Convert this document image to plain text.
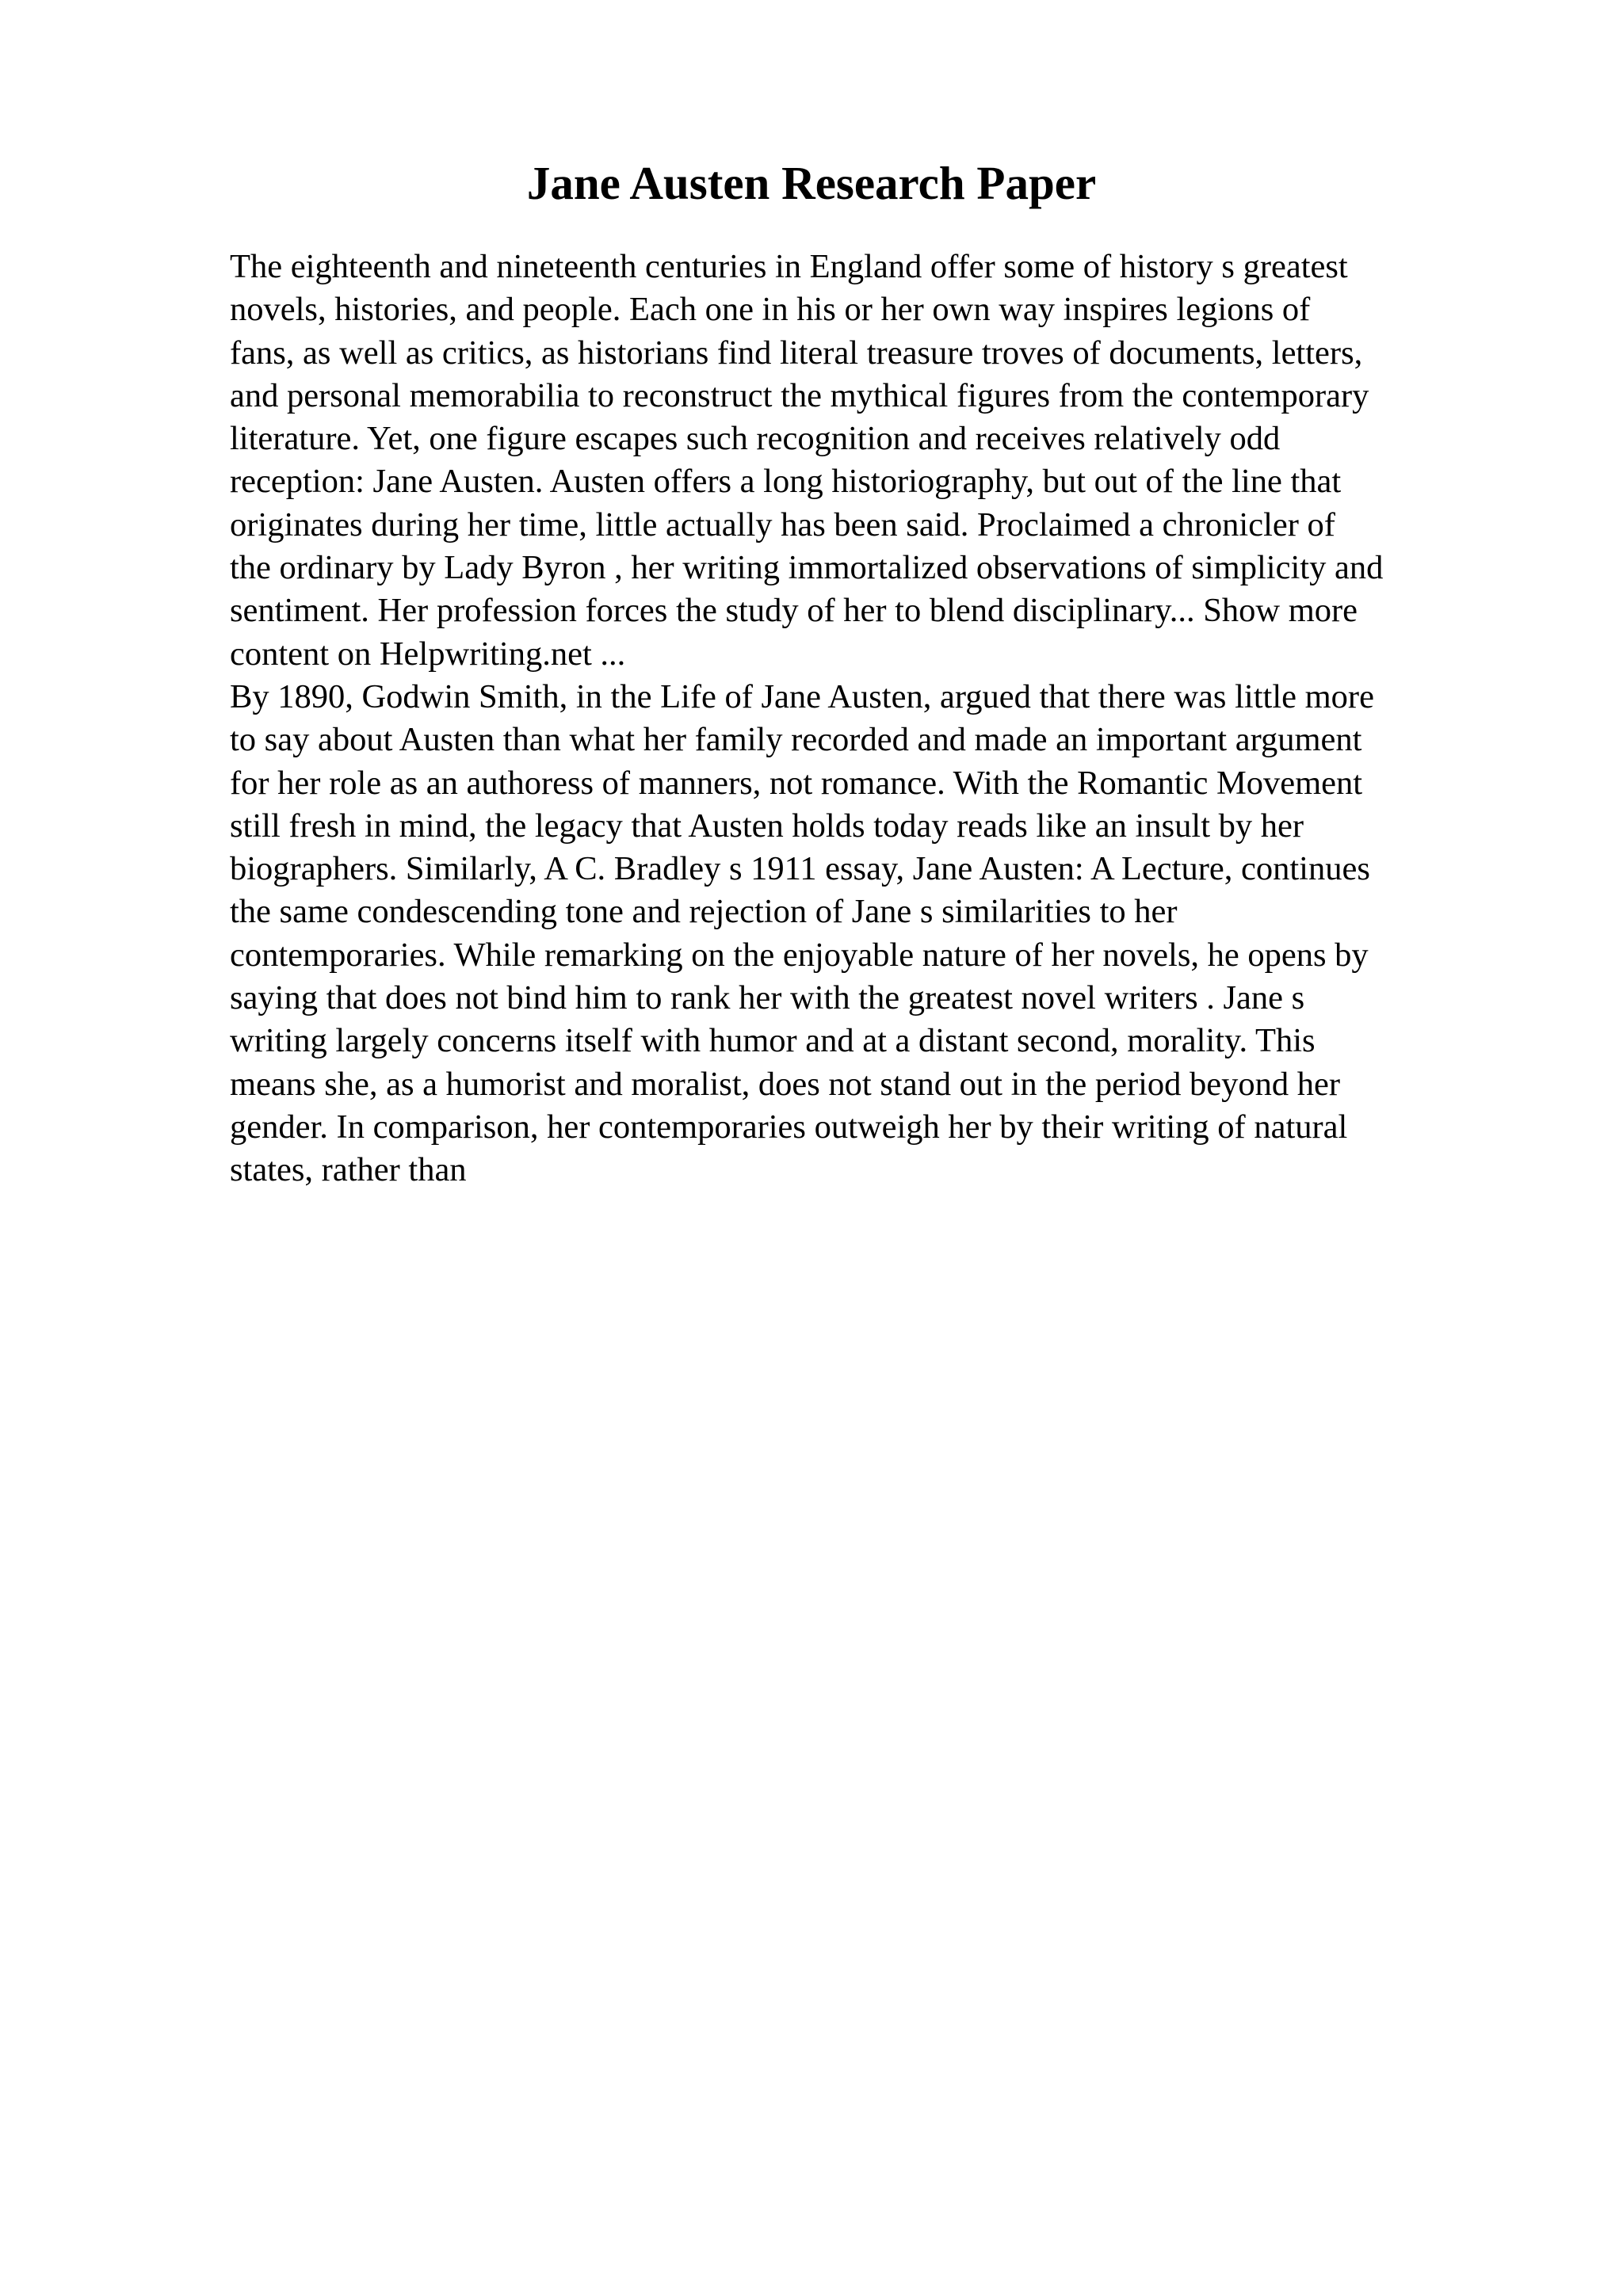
Jane Austen Research Paper
The eighteenth and nineteenth centuries in England offer some of history s greatest
novels, histories, and people. Each one in his or her own way inspires legions of
fans, as well as critics, as historians find literal treasure troves of documents, letters,
and personal memorabilia to reconstruct the mythical figures from the contemporary
literature. Yet, one figure escapes such recognition and receives relatively odd
reception: Jane Austen. Austen offers a long historiography, but out of the line that
originates during her time, little actually has been said. Proclaimed a chronicler of
the ordinary by Lady Byron , her writing immortalized observations of simplicity and
sentiment. Her profession forces the study of her to blend disciplinary... Show more
content on Helpwriting.net ...
By 1890, Godwin Smith, in the Life of Jane Austen, argued that there was little more
to say about Austen than what her family recorded and made an important argument
for her role as an authoress of manners, not romance. With the Romantic Movement
still fresh in mind, the legacy that Austen holds today reads like an insult by her
biographers. Similarly, A C. Bradley s 1911 essay, Jane Austen: A Lecture, continues
the same condescending tone and rejection of Jane s similarities to her
contemporaries. While remarking on the enjoyable nature of her novels, he opens by
saying that does not bind him to rank her with the greatest novel writers . Jane s
writing largely concerns itself with humor and at a distant second, morality. This
means she, as a humorist and moralist, does not stand out in the period beyond her
gender. In comparison, her contemporaries outweigh her by their writing of natural
states, rather than
